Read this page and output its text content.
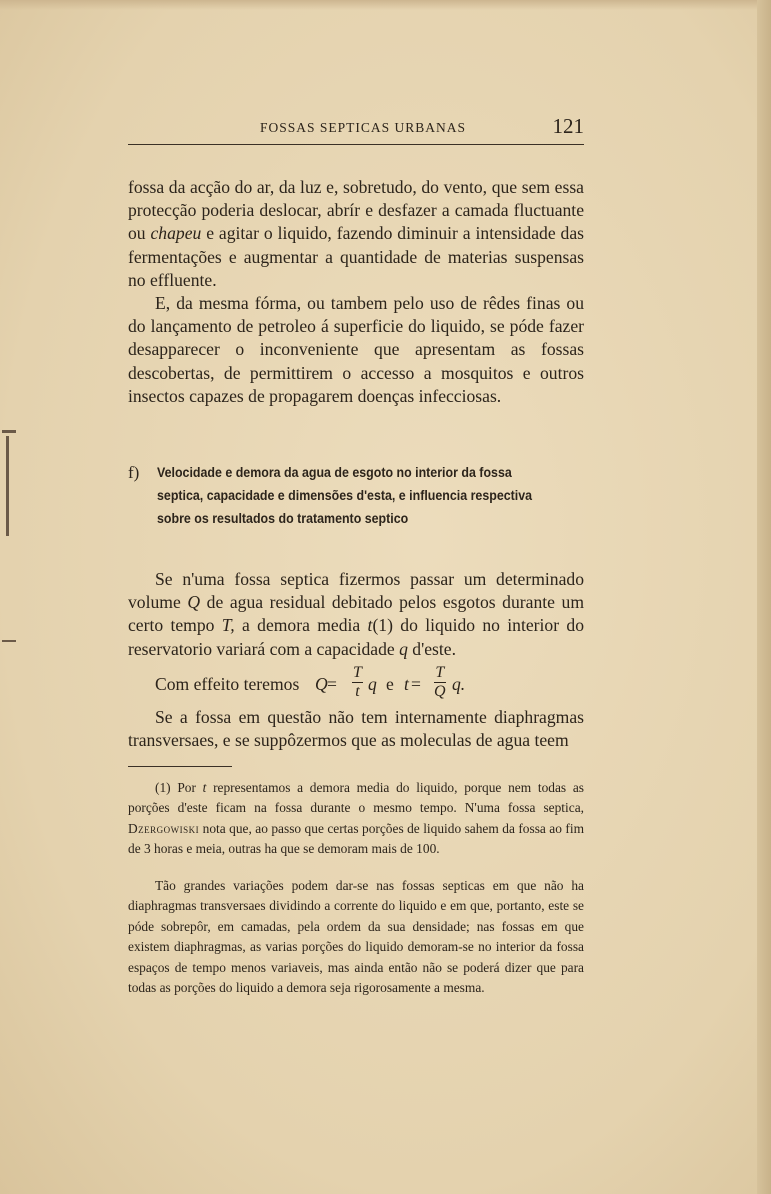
FOSSAS SEPTICAS URBANAS	121

fossa da acção do ar, da luz e, sobretudo, do vento, que sem essa protecção poderia deslocar, abrír e desfazer a camada fluctuante ou chapeu e agitar o liquido, fazendo diminuir a intensidade das fermentações e augmentar a quantidade de materias suspensas no effluente.

E, da mesma fórma, ou tambem pelo uso de rêdes finas ou do lançamento de petroleo á superficie do liquido, se póde fazer desapparecer o inconveniente que apresentam as fossas descobertas, de permittirem o accesso a mosquitos e outros insectos capazes de propagarem doenças infecciosas.

f) Velocidade e demora da agua de esgoto no interior da fossa septica, capacidade e dimensões d'esta, e influencia respectiva sobre os resultados do tratamento septico

Se n'uma fossa septica fizermos passar um determinado volume Q de agua residual debitado pelos esgotos durante um certo tempo T, a demora media t(1) do liquido no interior do reservatorio variará com a capacidade q d'este.

Com effeito teremos $Q = \frac{T}{t}$ q e $t = \frac{T}{Q} q$.

Se a fossa em questão não tem internamente diaphragmas transversaes, e se suppôzermos que as moleculas de agua teem

(1) Por t representamos a demora media do liquido, porque nem todas as porções d'este ficam na fossa durante o mesmo tempo. N'uma fossa septica, Dzergowiski nota que, ao passo que certas porções de liquido sahem da fossa ao fim de 3 horas e meia, outras ha que se demoram mais de 100.

Tão grandes variações podem dar-se nas fossas septicas em que não ha diaphragmas transversaes dividindo a corrente do liquido e em que, portanto, este se póde sobrepôr, em camadas, pela ordem da sua densidade; nas fossas em que existem diaphragmas, as varias porções do liquido demoram-se no interior da fossa espaços de tempo menos variaveis, mas ainda então não se poderá dizer que para todas as porções do liquido a demora seja rigorosamente a mesma.
